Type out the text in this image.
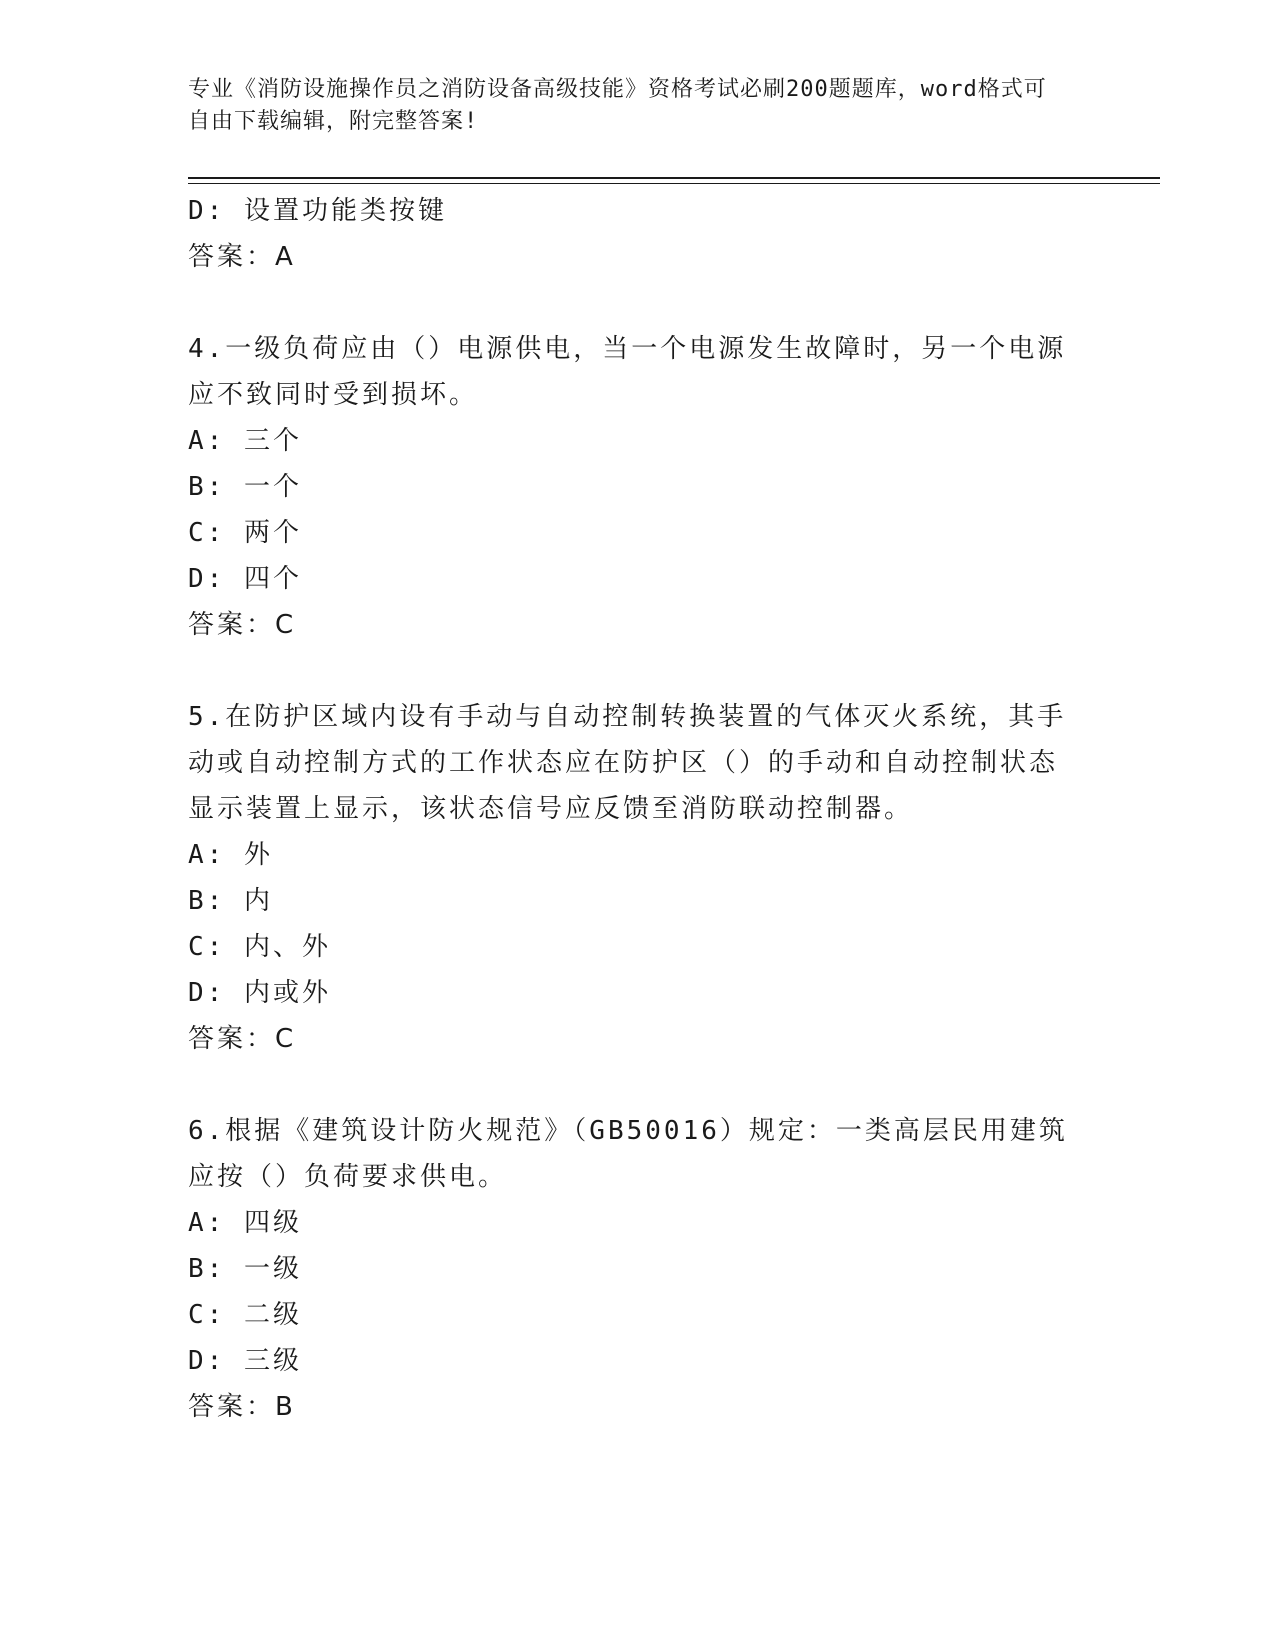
专业《消防设施操作员之消防设备高级技能》资格考试必刷200题题库，word格式可自由下载编辑，附完整答案!
D: 设置功能类按键
答案：A
4.一级负荷应由（）电源供电，当一个电源发生故障时，另一个电源应不致同时受到损坏。
A: 三个
B: 一个
C: 两个
D: 四个
答案：C
5.在防护区域内设有手动与自动控制转换装置的气体灭火系统，其手动或自动控制方式的工作状态应在防护区（）的手动和自动控制状态显示装置上显示，该状态信号应反馈至消防联动控制器。
A: 外
B: 内
C: 内、外
D: 内或外
答案：C
6.根据《建筑设计防火规范》（GB50016）规定：一类高层民用建筑应按（）负荷要求供电。
A: 四级
B: 一级
C: 二级
D: 三级
答案：B
